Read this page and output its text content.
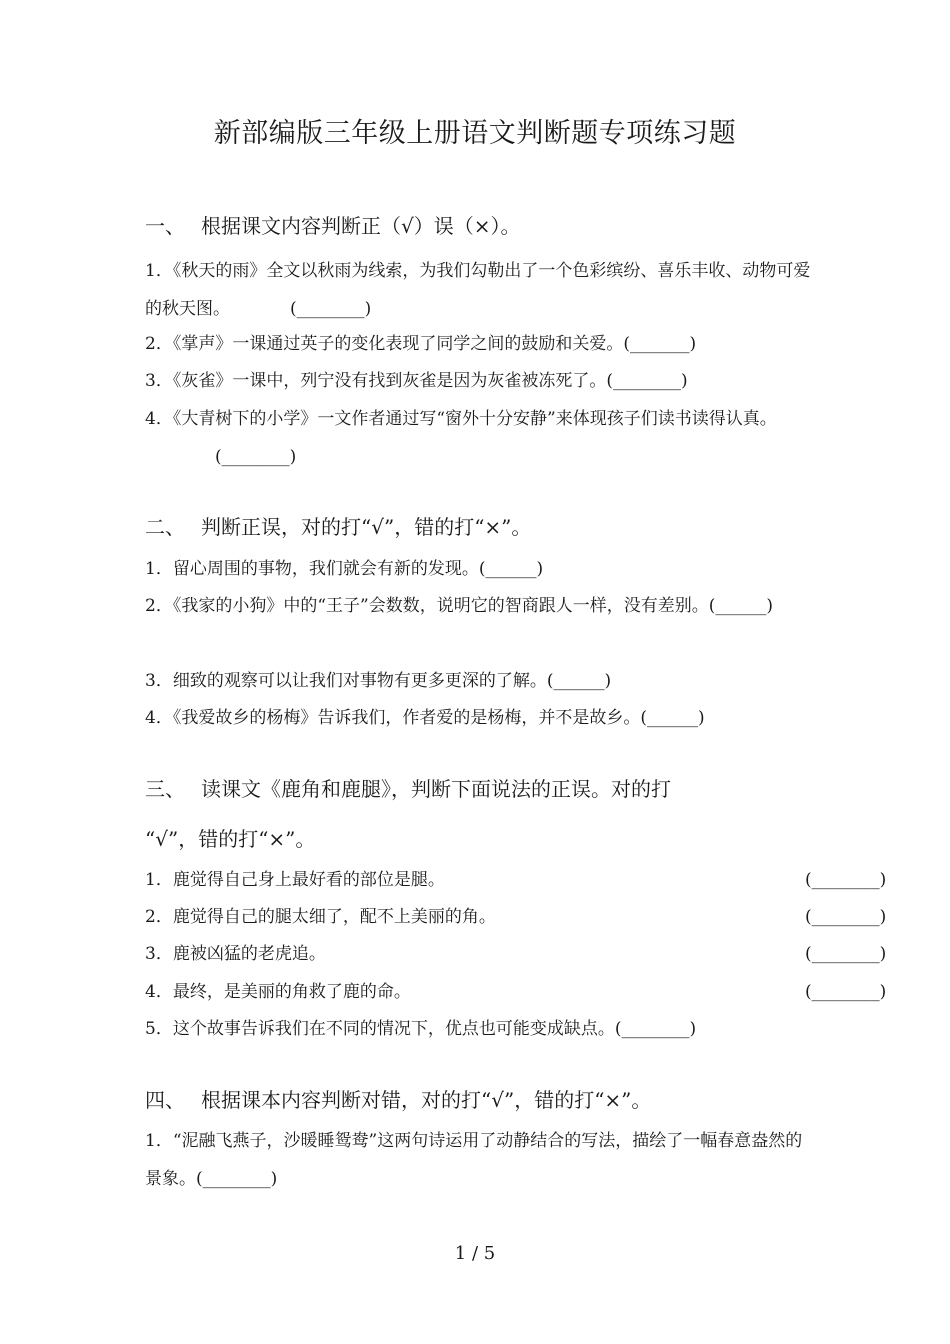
新部编版三年级上册语文判断题专项练习题
一、 根据课文内容判断正（√）误（×）。
1．《秋天的雨》全文以秋雨为线索，为我们勾勒出了一个色彩缤纷、喜乐丰收、动物可爱的秋天图。	(________)
2．《掌声》一课通过英子的变化表现了同学之间的鼓励和关爱。(_______)
3．《灰雀》一课中，列宁没有找到灰雀是因为灰雀被冻死了。(________)
4．《大青树下的小学》一文作者通过写“窗外十分安静”来体现孩子们读书读得认真。(________)
二、 判断正误，对的打“√”，错的打“×”。
1．留心周围的事物，我们就会有新的发现。(______)
2．《我家的小狗》中的“王子”会数数，说明它的智商跟人一样，没有差别。(______)
3．细致的观察可以让我们对事物有更多更深的了解。(______)
4．《我爱故乡的杨梅》告诉我们，作者爱的是杨梅，并不是故乡。(______)
三、 读课文《鹿角和鹿腿》，判断下面说法的正误。对的打
“√”，错的打“×”。
1．鹿觉得自己身上最好看的部位是腿。	(________)
2．鹿觉得自己的腿太细了，配不上美丽的角。	(________)
3．鹿被凶猛的老虎追。	(________)
4．最终，是美丽的角救了鹿的命。	(________)
5．这个故事告诉我们在不同的情况下，优点也可能变成缺点。(________)
四、 根据课本内容判断对错，对的打“√”，错的打“×”。
1．“泥融飞燕子，沙暖睡鸳鸯”这两句诗运用了动静结合的写法，描绘了一幅春意盎然的景象。(________)
1 / 5
